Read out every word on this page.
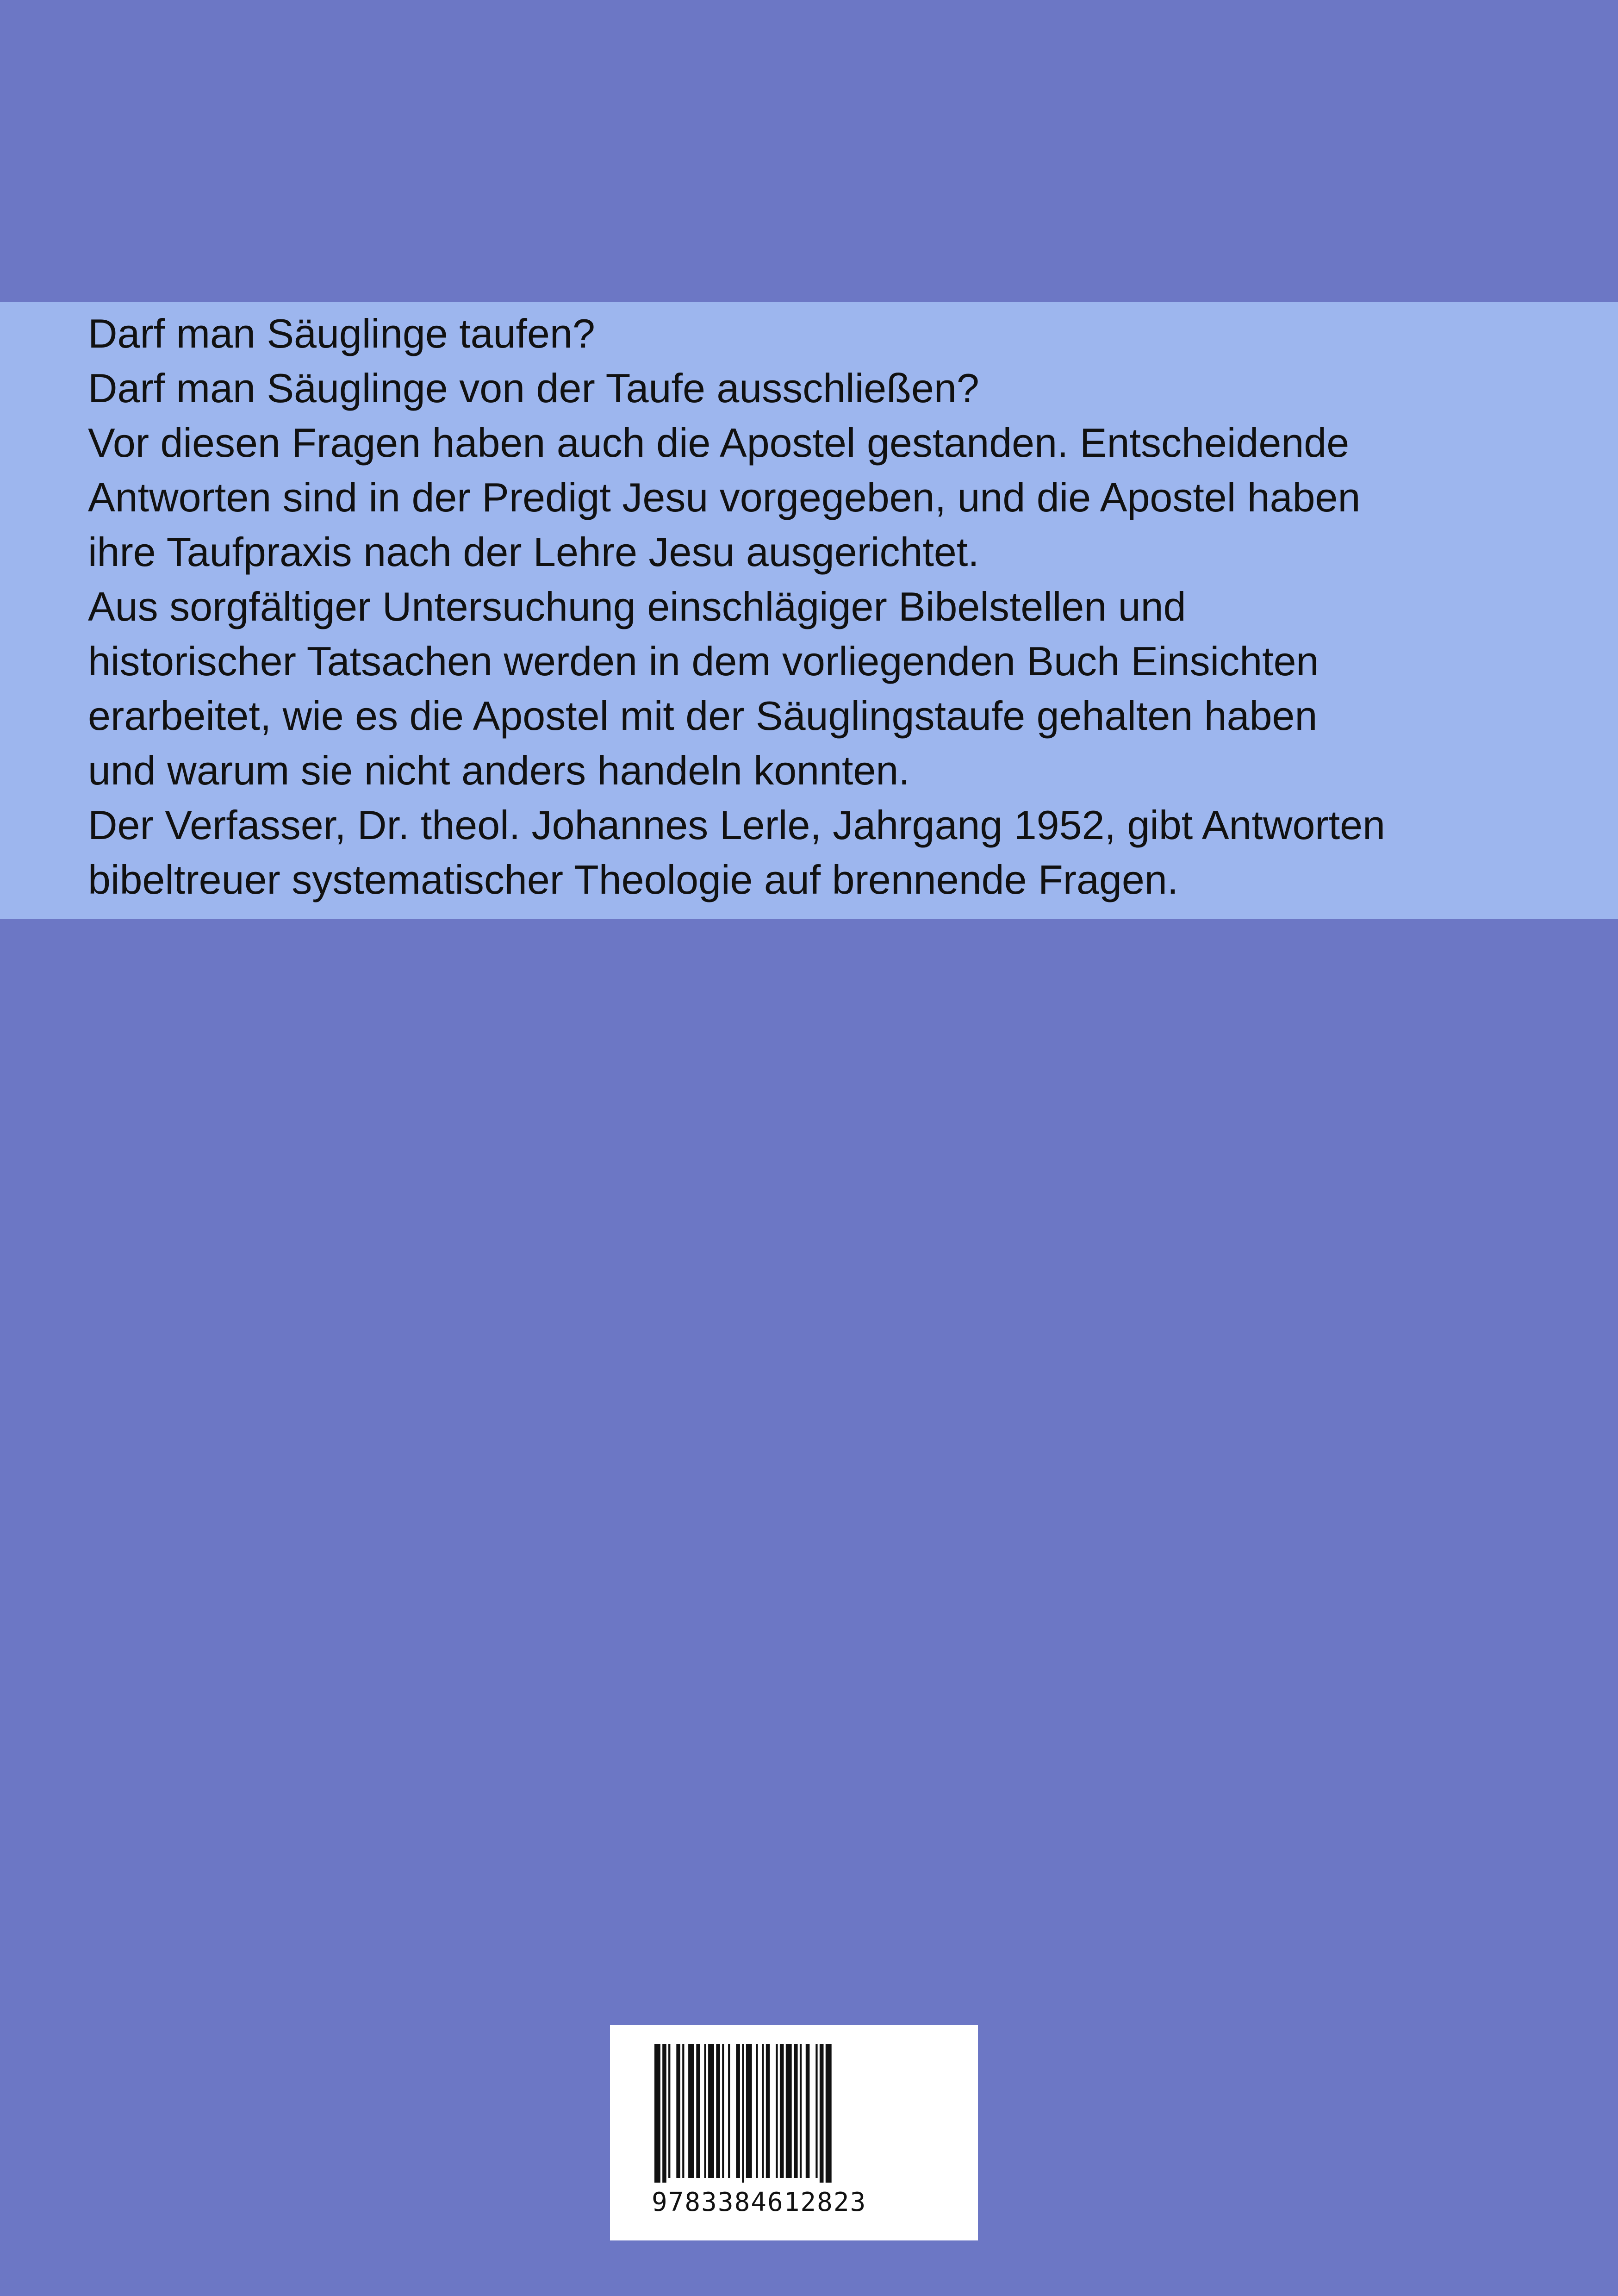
Darf man Säuglinge taufen?
Darf man Säuglinge von der Taufe ausschließen?
Vor diesen Fragen haben auch die Apostel gestanden. Entscheidende
Antworten sind in der Predigt Jesu vorgegeben, und die Apostel haben
ihre Taufpraxis nach der Lehre Jesu ausgerichtet.
Aus sorgfältiger Untersuchung einschlägiger Bibelstellen und
historischer Tatsachen werden in dem vorliegenden Buch Einsichten
erarbeitet, wie es die Apostel mit der Säuglingstaufe gehalten haben
und warum sie nicht anders handeln konnten.
Der Verfasser, Dr. theol. Johannes Lerle, Jahrgang 1952, gibt Antworten
bibeltreuer systematischer Theologie auf brennende Fragen.
9783384612823
